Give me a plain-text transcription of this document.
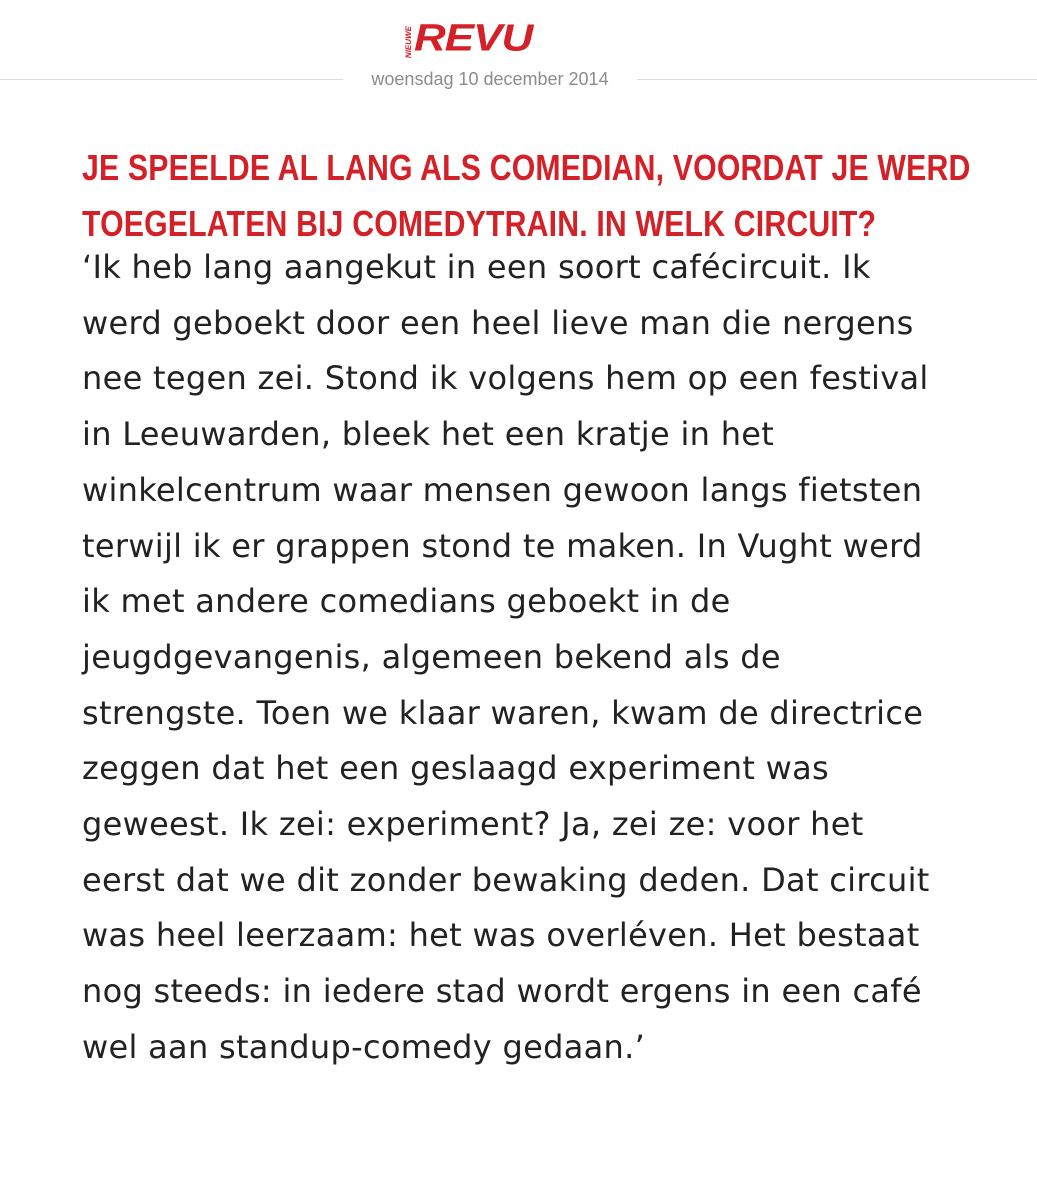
NIEUWE REVU
woensdag 10 december 2014
JE SPEELDE AL LANG ALS COMEDIAN, VOORDAT JE WERD TOEGELATEN BIJ COMEDYTRAIN. IN WELK CIRCUIT?

‘Ik heb lang aangekut in een soort cafécircuit. Ik
werd geboekt door een heel lieve man die nergens
nee tegen zei. Stond ik volgens hem op een festival
in Leeuwarden, bleek het een kratje in het
winkelcentrum waar mensen gewoon langs fietsten
terwijl ik er grappen stond te maken. In Vught werd
ik met andere comedians geboekt in de
jeugdgevangenis, algemeen bekend als de
strengste. Toen we klaar waren, kwam de directrice
zeggen dat het een geslaagd experiment was
geweest. Ik zei: experiment? Ja, zei ze: voor het
eerst dat we dit zonder bewaking deden. Dat circuit
was heel leerzaam: het was overléven. Het bestaat
nog steeds: in iedere stad wordt ergens in een café
wel aan standup-comedy gedaan.’
